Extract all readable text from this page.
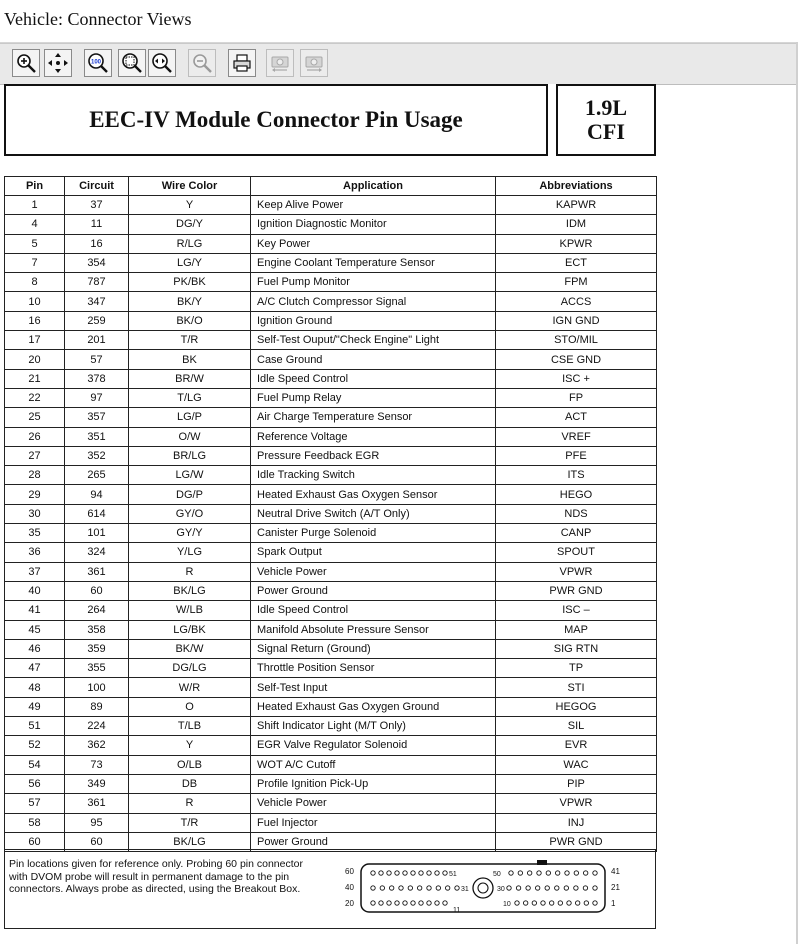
Vehicle: Connector Views
100
EEC-IV Module Connector Pin Usage	1.9L
CFI
Pin	Circuit	Wire Color	Application	Abbreviations
1	37	Y	Keep Alive Power	KAPWR
4	11	DG/Y	Ignition Diagnostic Monitor	IDM
5	16	R/LG	Key Power	KPWR
7	354	LG/Y	Engine Coolant Temperature Sensor	ECT
8	787	PK/BK	Fuel Pump Monitor	FPM
10	347	BK/Y	A/C Clutch Compressor Signal	ACCS
16	259	BK/O	Ignition Ground	IGN GND
17	201	T/R	Self-Test Ouput/"Check Engine" Light	STO/MIL
20	57	BK	Case Ground	CSE GND
21	378	BR/W	Idle Speed Control	ISC +
22	97	T/LG	Fuel Pump Relay	FP
25	357	LG/P	Air Charge Temperature Sensor	ACT
26	351	O/W	Reference Voltage	VREF
27	352	BR/LG	Pressure Feedback EGR	PFE
28	265	LG/W	Idle Tracking Switch	ITS
29	94	DG/P	Heated Exhaust Gas Oxygen Sensor	HEGO
30	614	GY/O	Neutral Drive Switch (A/T Only)	NDS
35	101	GY/Y	Canister Purge Solenoid	CANP
36	324	Y/LG	Spark Output	SPOUT
37	361	R	Vehicle Power	VPWR
40	60	BK/LG	Power Ground	PWR GND
41	264	W/LB	Idle Speed Control	ISC –
45	358	LG/BK	Manifold Absolute Pressure Sensor	MAP
46	359	BK/W	Signal Return (Ground)	SIG RTN
47	355	DG/LG	Throttle Position Sensor	TP
48	100	W/R	Self-Test Input	STI
49	89	O	Heated Exhaust Gas Oxygen Ground	HEGOG
51	224	T/LB	Shift Indicator Light (M/T Only)	SIL
52	362	Y	EGR Valve Regulator Solenoid	EVR
54	73	O/LB	WOT A/C Cutoff	WAC
56	349	DB	Profile Ignition Pick-Up	PIP
57	361	R	Vehicle Power	VPWR
58	95	T/R	Fuel Injector	INJ
60	60	BK/LG	Power Ground	PWR GND
Pin locations given for reference only. Probing 60 pin connector with DVOM probe will result in permanent damage to the pin connectors. Always probe as directed, using the Breakout Box.
60
40
20
41
21
1
51	50
31	30
11
10
